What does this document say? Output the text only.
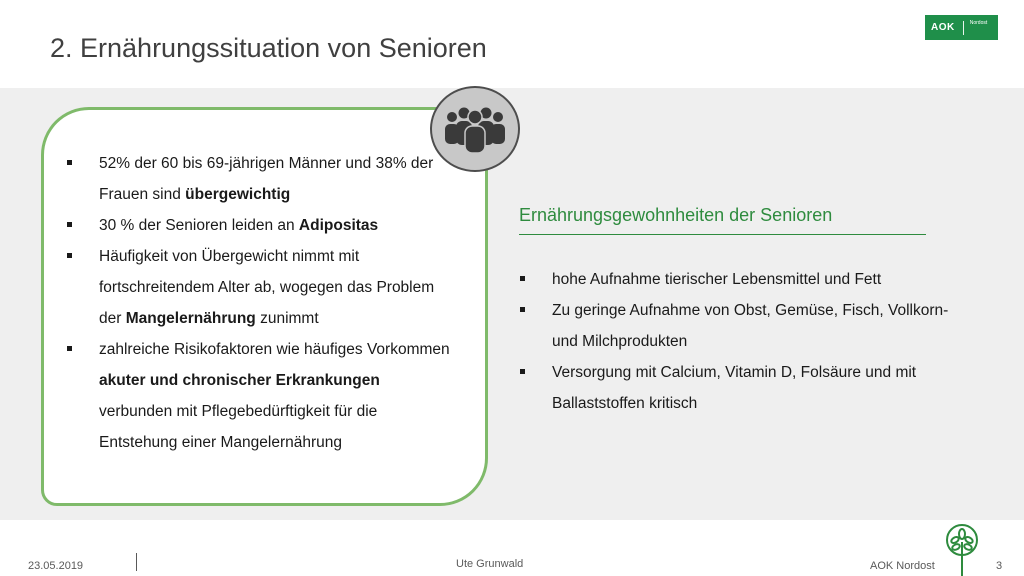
2. Ernährungssituation von Senioren
AOK	Nordost
52% der 60 bis 69-jährigen Männer und 38% der Frauen sind übergewichtig
30 % der Senioren leiden an Adipositas
Häufigkeit von Übergewicht nimmt mit fortschreitendem Alter ab, wogegen das Problem der Mangelernährung zunimmt
zahlreiche Risikofaktoren wie häufiges Vorkommen akuter und chronischer Erkrankungen verbunden mit Pflegebedürftigkeit für die Entstehung einer Mangelernährung
Ernährungsgewohnheiten der Senioren
hohe Aufnahme tierischer Lebensmittel und Fett
Zu geringe Aufnahme von Obst, Gemüse, Fisch, Vollkorn- und Milchprodukten
Versorgung mit Calcium, Vitamin D, Folsäure und mit Ballaststoffen kritisch
23.05.2019	Ute Grunwald	AOK Nordost	3
